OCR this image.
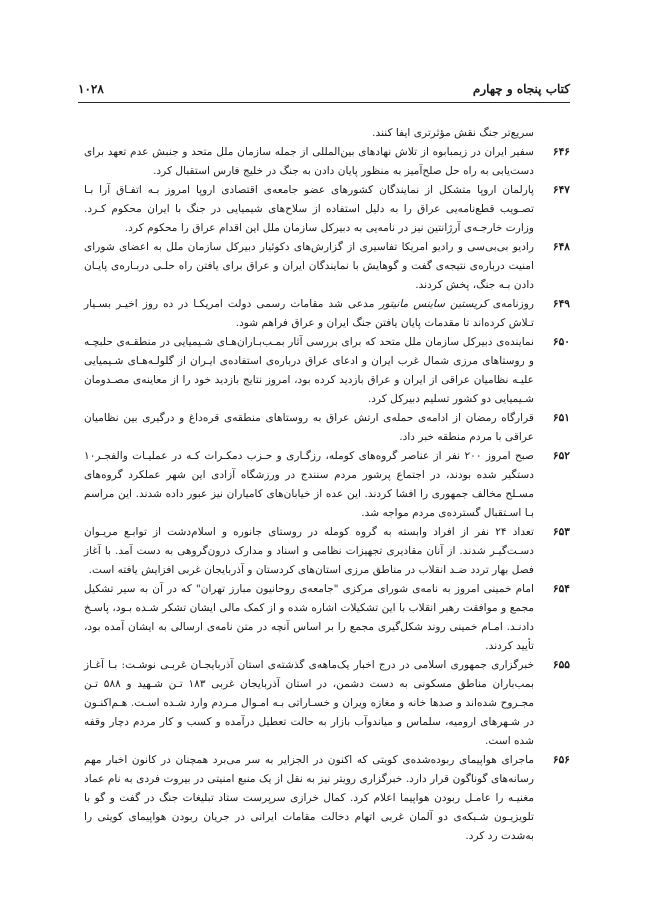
کتاب پنجاه و چهارم
۱۰۲۸

سریع‌تر جنگ نقش مؤثرتری ایفا کنند.

۶۴۶
سفیر ایران در زیمبابوه از تلاش نهادهای بین‌المللی از جمله سازمان ملل متحد و جنبش عدم تعهد برای دست‌یابی به راه حل صلح‌آمیز به منظور پایان دادن به جنگ در خلیج فارس استقبال کرد.
۶۴۷
پارلمان اروپا متشکل از نمایندگان کشورهای عضو جامعه‌ی اقتصادی اروپا امروز بـه اتفـاق آرا بـا تصـویب قطع‌نامه‌یی عراق را به دلیل استفاده از سلاح‌های شیمیایی در جنگ با ایران محکوم کـرد. وزارت خارجـه‌ی آرژانتین نیز در نامه‌یی به دبیرکل سازمان ملل این اقدام عراق را محکوم کرد.
۶۴۸
رادیو بی‌بی‌سی و رادیو امریکا تفاسیری از گزارش‌های دکوئیار دبیرکل سازمان ملل به اعضای شورای امنیت درباره‌ی نتیجه‌ی گفت و گوهایش با نمایندگان ایران و عراق برای یافتن راه حلـی دربـاره‌ی پایـان دادن بـه جنگ، پخش کردند.
۶۴۹
روزنامه‌ی کریستین ساینس مانیتور مدعی شد مقامات رسمی دولت امریکـا در ده روز اخیـر بسـیار تـلاش کرده‌اند تا مقدمات پایان یافتن جنگ ایران و عراق فراهم شود.
۶۵۰
نماینده‌ی دبیرکل سازمان ملل متحد که برای بررسی آثار بمـب‌بـاران‌هـای شـیمیایی در منطقـه‌ی حلبچـه و روستاهای مرزی شمال غرب ایران و ادعای عراق درباره‌ی استفاده‌ی ایـران از گلولـه‌هـای شـیمیایی علیـه نظامیان عراقی از ایران و عراق بازدید کرده بود، امروز نتایج بازدید خود را از معاینه‌ی مصـدومان شـیمیایی دو کشور تسلیم دبیرکل کرد.
۶۵۱
قرارگاه رمضان از ادامه‌ی حمله‌ی ارتش عراق به روستاهای منطقه‌ی قره‌داغ و درگیری بین نظامیان عراقی با مردم منطقه خبر داد.
۶۵۲
صبح امروز ۲۰۰ نفر از عناصر گروه‌های کومله، رزگـاری و حـزب دمکـرات کـه در عملیـات والفجـر۱۰ دستگیر شده بودند، در اجتماع پرشور مردم سنندج در ورزشگاه آزادی این شهر عملکرد گروه‌های مسـلح مخالف جمهوری را افشا کردند. این عده از خیابان‌های کامیاران نیز عبور داده شدند. این مراسم بـا اسـتقبال گسترده‌ی مردم مواجه شد.
۶۵۳
تعداد ۲۴ نفر از افراد وابسته به گروه کومله در روستای جانوره و اسلام‌دشت از توابـع مریـوان دسـت‌گیـر شدند. از آنان مقادیری تجهیزات نظامی و اسناد و مدارک درون‌گروهی به دست آمد. با آغاز فصل بهار تردد ضـد انقلاب در مناطق مرزی استان‌های کردستان و آذربایجان غربی افزایش یافته است.
۶۵۴
امام خمینی امروز به نامه‌ی شورای مرکزی "جامعه‌ی روحانیون مبارز تهران" که در آن به سیر تشکیل مجمع و موافقت رهبر انقلاب با این تشکیلات اشاره شده و از کمک مالی ایشان تشکر شـده بـود، پاسـخ دادنـد. امـام خمینی روند شکل‌گیری مجمع را بر اساس آنچه در متن نامه‌ی ارسالی به ایشان آمده بود، تأیید کردند.
۶۵۵
خبرگزاری جمهوری اسلامی در درج اخبار یک‌ماهه‌ی گذشته‌ی استان آذربایجـان غربـی نوشـت: بـا آغـاز بمب‌باران مناطق مسکونی به دست دشمن، در استان آذربایجان غربی ۱۸۳ تـن شـهید و ۵۸۸ تـن مجـروح شده‌اند و صدها خانه و مغازه ویران و خسـاراتی بـه امـوال مـردم وارد شـده اسـت. هـم‌اکنـون در شـهرهای ارومیه، سلماس و میاندوآب بازار به حالت تعطیل درآمده و کسب و کار مردم دچار وقفه شده است.
۶۵۶
ماجرای هواپیمای ربوده‌شده‌ی کویتی که اکنون در الجزایر به سر می‌برد همچنان در کانون اخبار مهم رسانه‌های گوناگون قرار دارد. خبرگزاری رویتر نیز به نقل از یک منبع امنیتی در بیروت فردی به نام عماد مغنیـه را عامـل ربودن هواپیما اعلام کرد. کمال خرازی سرپرست ستاد تبلیغات جنگ در گفت و گو با تلویزیـون شـبکه‌ی دو آلمان غربی اتهام دخالت مقامات ایرانی در جریان ربودن هواپیمای کویتی را به‌شدت رد کرد.
